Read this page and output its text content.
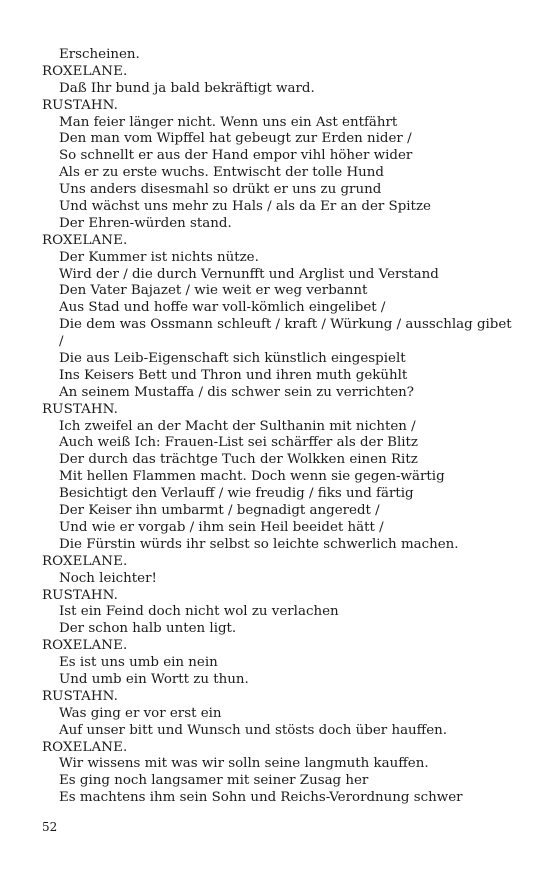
Erscheinen.
ROXELANE.
Daß Ihr bund ja bald bekräftigt ward.
RUSTAHN.
Man feier länger nicht. Wenn uns ein Ast entfährt
Den man vom Wipffel hat gebeugt zur Erden nider /
So schnellt er aus der Hand empor vihl höher wider
Als er zu erste wuchs. Entwischt der tolle Hund
Uns anders disesmahl so drükt er uns zu grund
Und wächst uns mehr zu Hals / als da Er an der Spitze
Der Ehren-würden stand.
ROXELANE.
Der Kummer ist nichts nütze.
Wird der / die durch Vernunfft und Arglist und Verstand
Den Vater Bajazet / wie weit er weg verbannt
Aus Stad und hoffe war voll-kömlich eingelibet /
Die dem was Ossmann schleuft / kraft / Würkung / ausschlag gibet
/
Die aus Leib-Eigenschaft sich künstlich eingespielt
Ins Keisers Bett und Thron und ihren muth gekühlt
An seinem Mustaffa / dis schwer sein zu verrichten?
RUSTAHN.
Ich zweifel an der Macht der Sulthanin mit nichten /
Auch weiß Ich: Frauen-List sei schärffer als der Blitz
Der durch das trächtge Tuch der Wolkken einen Ritz
Mit hellen Flammen macht. Doch wenn sie gegen-wärtig
Besichtigt den Verlauff / wie freudig / fiks und färtig
Der Keiser ihn umbarmt / begnadigt angeredt /
Und wie er vorgab / ihm sein Heil beeidet hätt /
Die Fürstin würds ihr selbst so leichte schwerlich machen.
ROXELANE.
Noch leichter!
RUSTAHN.
Ist ein Feind doch nicht wol zu verlachen
Der schon halb unten ligt.
ROXELANE.
Es ist uns umb ein nein
Und umb ein Wortt zu thun.
RUSTAHN.
Was ging er vor erst ein
Auf unser bitt und Wunsch und stösts doch über hauffen.
ROXELANE.
Wir wissens mit was wir solln seine langmuth kauffen.
Es ging noch langsamer mit seiner Zusag her
Es machtens ihm sein Sohn und Reichs-Verordnung schwer
52
